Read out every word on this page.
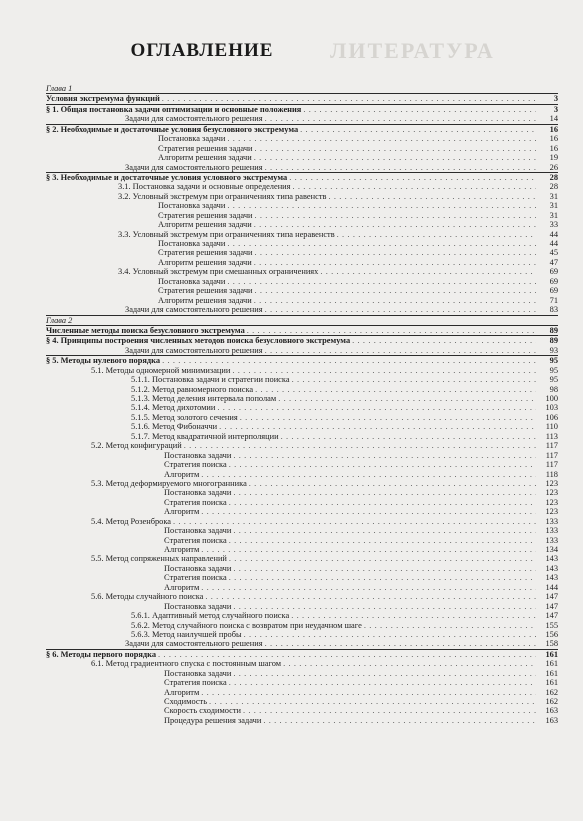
ЛИТЕРАТУРА
ОГЛАВЛЕНИЕ
Глава 1
Условия экстремума функций . . .	3
§ 1. Общая постановка задачи оптимизации и основные положения . . .	3
Задачи для самостоятельного решения . . .	14
§ 2. Необходимые и достаточные условия безусловного экстремума . . .	16
Постановка задачи . . .	16
Стратегия решения задачи . . .	16
Алгоритм решения задачи . . .	19
Задачи для самостоятельного решения . . .	26
§ 3. Необходимые и достаточные условия условного экстремума . . .	28
3.1. Постановка задачи и основные определения . . .	28
3.2. Условный экстремум при ограничениях типа равенств . . .	31
Постановка задачи . . .	31
Стратегия решения задачи . . .	31
Алгоритм решения задачи . . .	33
3.3. Условный экстремум при ограничениях типа неравенств . . .	44
Постановка задачи . . .	44
Стратегия решения задачи . . .	45
Алгоритм решения задачи . . .	47
3.4. Условный экстремум при смешанных ограничениях . . .	69
Постановка задачи . . .	69
Стратегия решения задачи . . .	69
Алгоритм решения задачи . . .	71
Задачи для самостоятельного решения . . .	83
Глава 2
Численные методы поиска безусловного экстремума . . .	89
§ 4. Принципы построения численных методов поиска безусловного экстремума . . .	89
Задачи для самостоятельного решения . . .	93
§ 5. Методы нулевого порядка . . .	95
5.1. Методы одномерной минимизации . . .	95
5.1.1. Постановка задачи и стратегии поиска . . .	95
5.1.2. Метод равномерного поиска . . .	98
5.1.3. Метод деления интервала пополам . . .	100
5.1.4. Метод дихотомии . . .	103
5.1.5. Метод золотого сечения . . .	106
5.1.6. Метод Фибоначчи . . .	110
5.1.7. Метод квадратичной интерполяции . . .	113
5.2. Метод конфигураций . . .	117
Постановка задачи . . .	117
Стратегия поиска . . .	117
Алгоритм . . .	118
5.3. Метод деформируемого многогранника . . .	123
Постановка задачи . . .	123
Стратегия поиска . . .	123
Алгоритм . . .	123
5.4. Метод Розенброка . . .	133
Постановка задачи . . .	133
Стратегия поиска . . .	133
Алгоритм . . .	134
5.5. Метод сопряженных направлений . . .	143
Постановка задачи . . .	143
Стратегия поиска . . .	143
Алгоритм . . .	144
5.6. Методы случайного поиска . . .	147
Постановка задачи . . .	147
5.6.1. Адаптивный метод случайного поиска . . .	147
5.6.2. Метод случайного поиска с возвратом при неудачном шаге . . .	155
5.6.3. Метод наилучшей пробы . . .	156
Задачи для самостоятельного решения . . .	158
§ 6. Методы первого порядка . . .	161
6.1. Метод градиентного спуска с постоянным шагом . . .	161
Постановка задачи . . .	161
Стратегия поиска . . .	161
Алгоритм . . .	162
Сходимость . . .	162
Скорость сходимости . . .	163
Процедура решения задачи . . .	163
